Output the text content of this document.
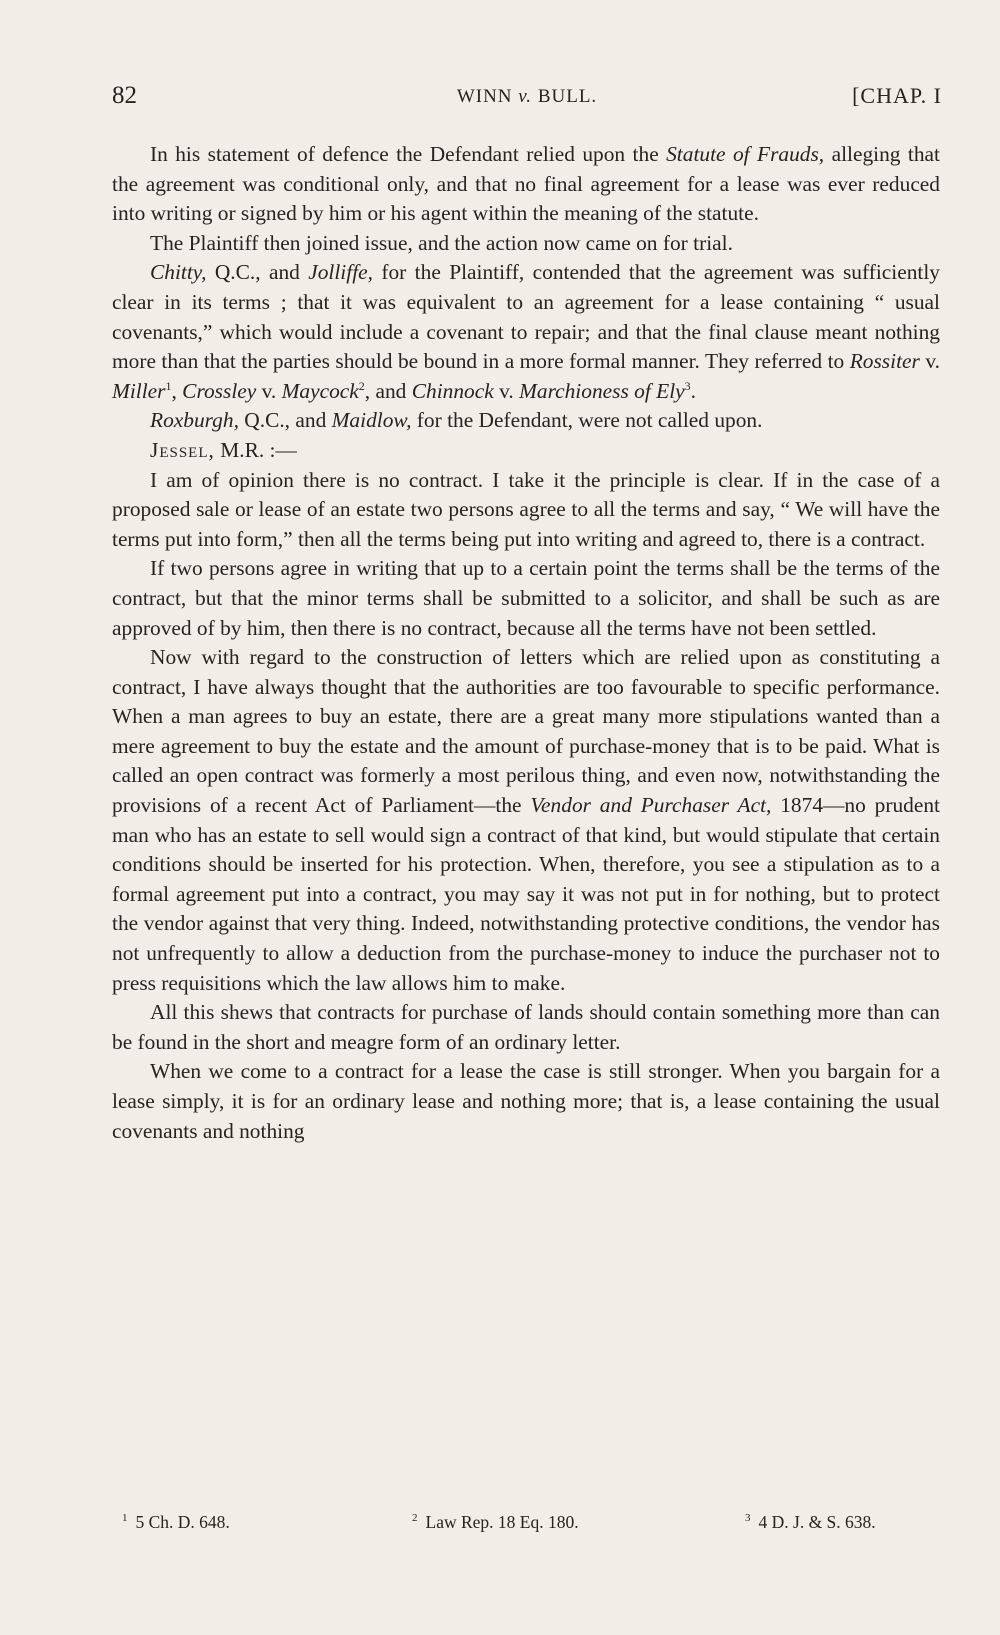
82	WINN v. BULL.	[CHAP. I

In his statement of defence the Defendant relied upon the Statute of Frauds, alleging that the agreement was conditional only, and that no final agreement for a lease was ever reduced into writing or signed by him or his agent within the meaning of the statute.

The Plaintiff then joined issue, and the action now came on for trial.

Chitty, Q.C., and Jolliffe, for the Plaintiff, contended that the agreement was sufficiently clear in its terms ; that it was equivalent to an agreement for a lease containing “ usual covenants,” which would include a covenant to repair; and that the final clause meant nothing more than that the parties should be bound in a more formal manner. They referred to Rossiter v. Miller$^1$, Crossley v. Maycock$^2$, and Chinnock v. Marchioness of Ely$^3$.

Roxburgh, Q.C., and Maidlow, for the Defendant, were not called upon.

Jessel, M.R. :—

I am of opinion there is no contract. I take it the principle is clear. If in the case of a proposed sale or lease of an estate two persons agree to all the terms and say, “ We will have the terms put into form,” then all the terms being put into writing and agreed to, there is a contract.

If two persons agree in writing that up to a certain point the terms shall be the terms of the contract, but that the minor terms shall be submitted to a solicitor, and shall be such as are approved of by him, then there is no contract, because all the terms have not been settled.

Now with regard to the construction of letters which are relied upon as constituting a contract, I have always thought that the authorities are too favourable to specific performance. When a man agrees to buy an estate, there are a great many more stipulations wanted than a mere agreement to buy the estate and the amount of purchase-money that is to be paid. What is called an open contract was formerly a most perilous thing, and even now, notwithstanding the provisions of a recent Act of Parliament—the Vendor and Purchaser Act, 1874—no prudent man who has an estate to sell would sign a contract of that kind, but would stipulate that certain conditions should be inserted for his protection. When, therefore, you see a stipulation as to a formal agreement put into a contract, you may say it was not put in for nothing, but to protect the vendor against that very thing. Indeed, notwithstanding protective conditions, the vendor has not unfrequently to allow a deduction from the purchase-money to induce the purchaser not to press requisitions which the law allows him to make.

All this shews that contracts for purchase of lands should contain something more than can be found in the short and meagre form of an ordinary letter.

When we come to a contract for a lease the case is still stronger. When you bargain for a lease simply, it is for an ordinary lease and nothing more; that is, a lease containing the usual covenants and nothing

$^1$ 5 Ch. D. 648.	$^2$ Law Rep. 18 Eq. 180.	$^3$ 4 D. J. & S. 638.
